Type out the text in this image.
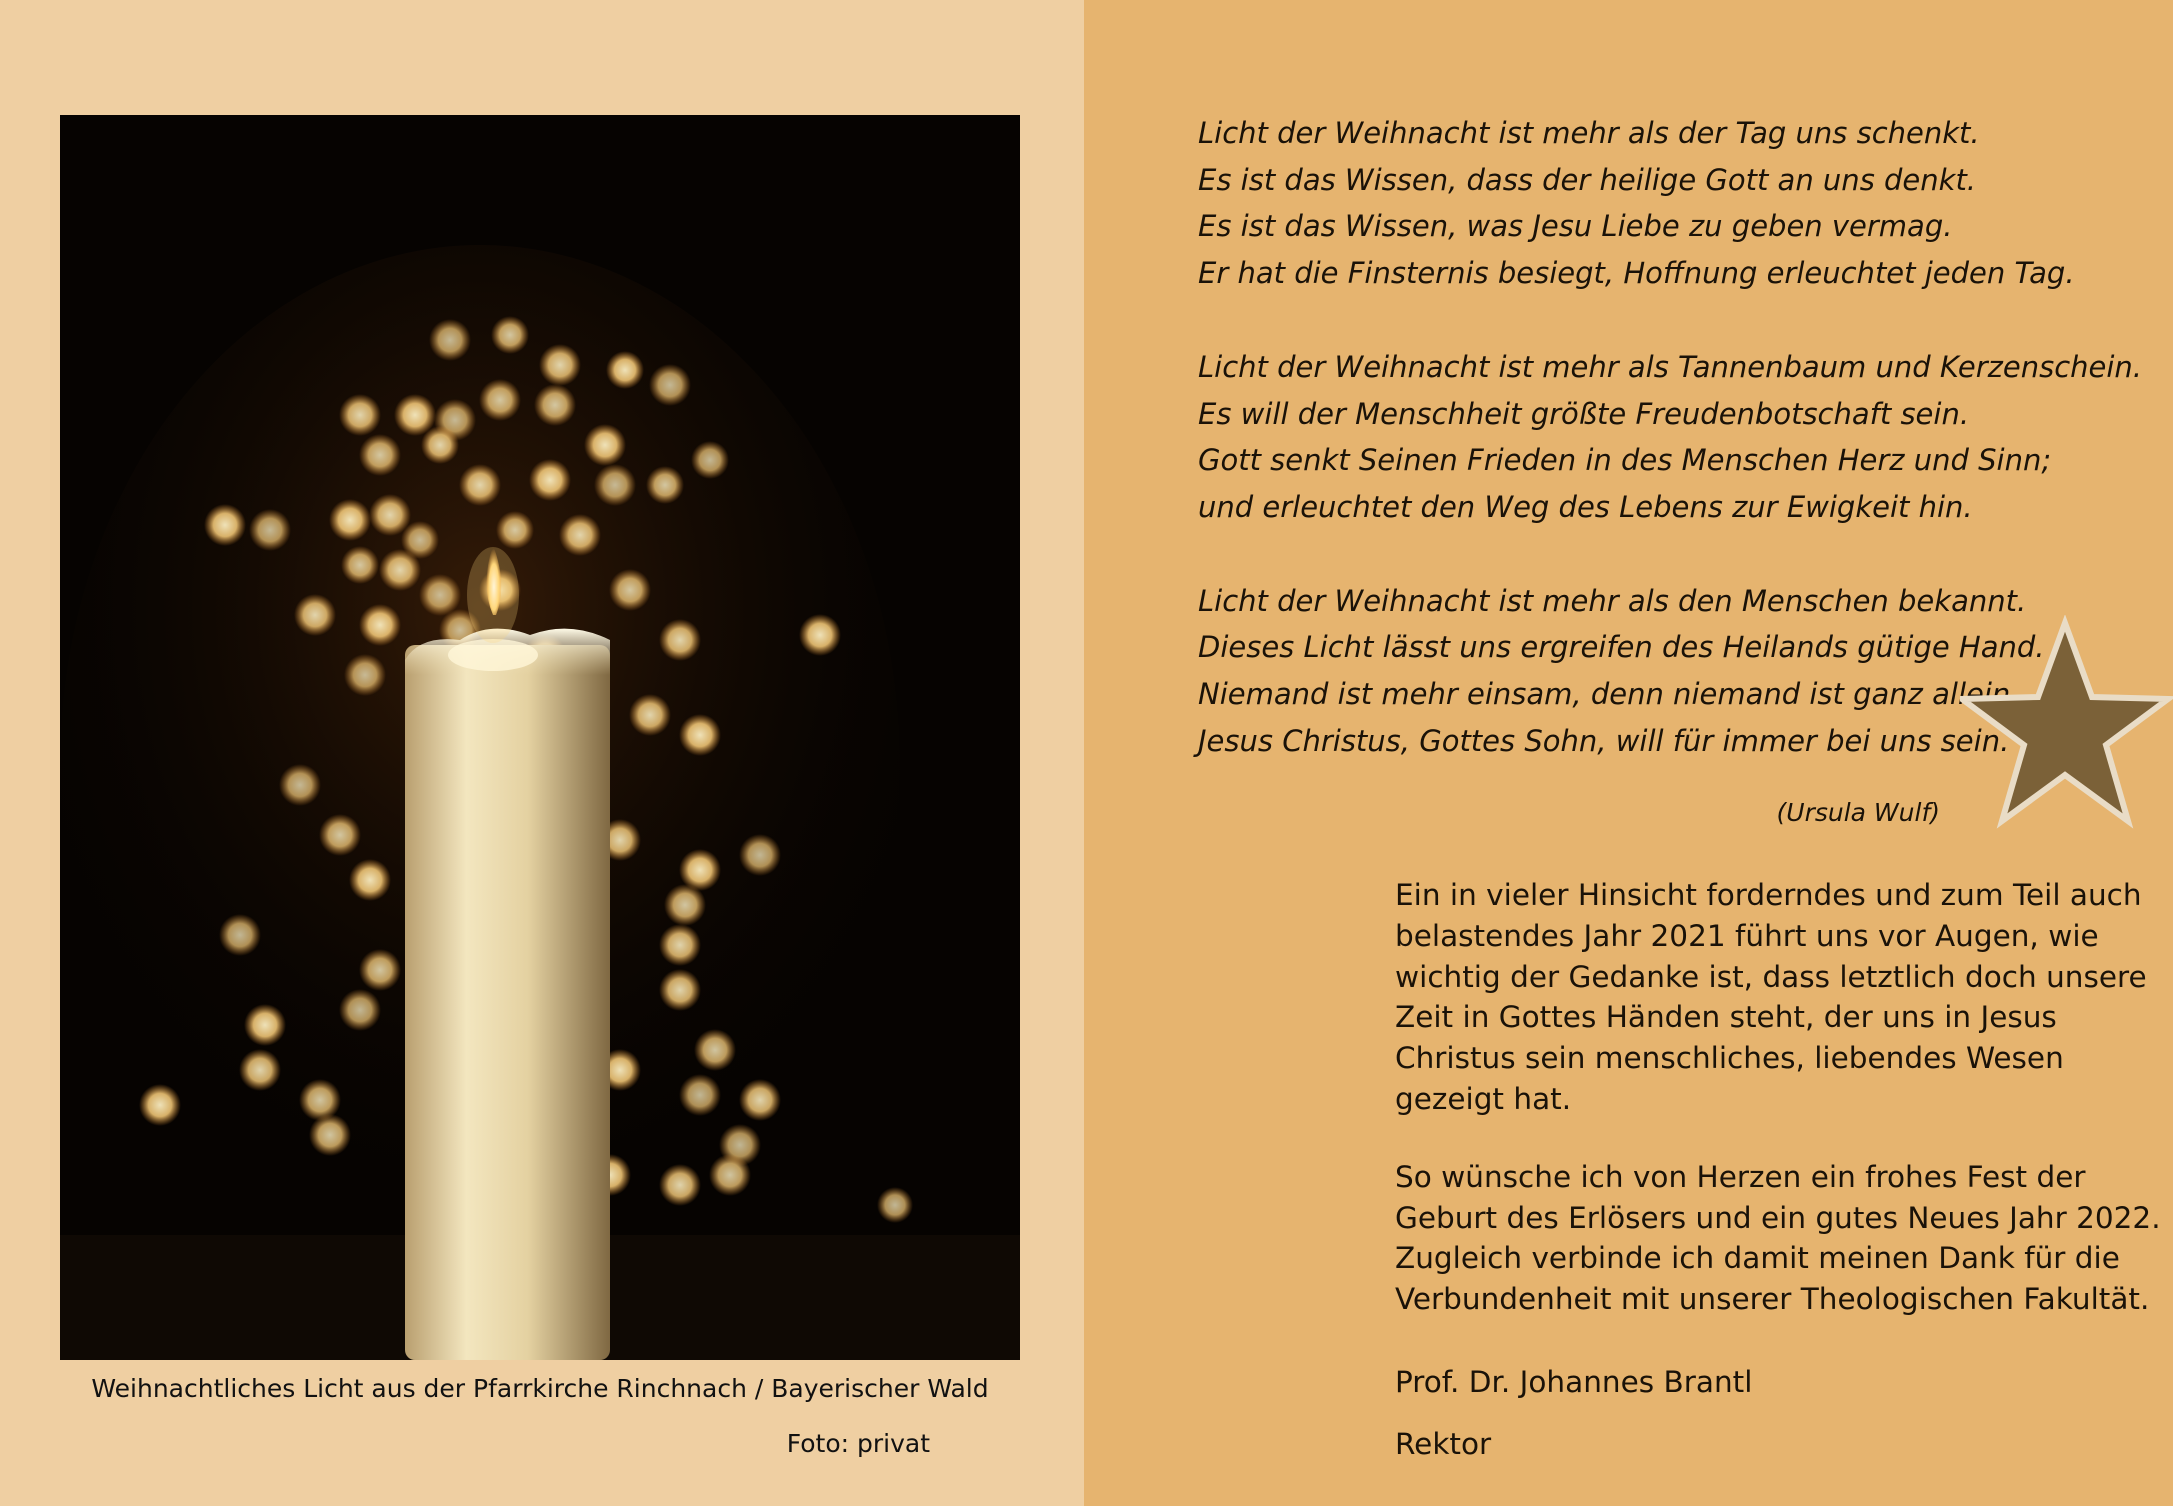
Weihnachtliches Licht aus der Pfarrkirche Rinchnach / Bayerischer Wald
Foto: privat
Licht der Weihnacht ist mehr als der Tag uns schenkt.
Es ist das Wissen, dass der heilige Gott an uns denkt.
Es ist das Wissen, was Jesu Liebe zu geben vermag.
Er hat die Finsternis besiegt, Hoffnung erleuchtet jeden Tag.
Licht der Weihnacht ist mehr als Tannenbaum und Kerzenschein.
Es will der Menschheit größte Freudenbotschaft sein.
Gott senkt Seinen Frieden in des Menschen Herz und Sinn;
und erleuchtet den Weg des Lebens zur Ewigkeit hin.
Licht der Weihnacht ist mehr als den Menschen bekannt.
Dieses Licht lässt uns ergreifen des Heilands gütige Hand.
Niemand ist mehr einsam, denn niemand ist ganz allein.
Jesus Christus, Gottes Sohn, will für immer bei uns sein.
(Ursula Wulf)
Ein in vieler Hinsicht forderndes und zum Teil auch
belastendes Jahr 2021 führt uns vor Augen, wie
wichtig der Gedanke ist, dass letztlich doch unsere
Zeit in Gottes Händen steht, der uns in Jesus
Christus sein menschliches, liebendes Wesen
gezeigt hat.
So wünsche ich von Herzen ein frohes Fest der
Geburt des Erlösers und ein gutes Neues Jahr 2022.
Zugleich verbinde ich damit meinen Dank für die
Verbundenheit mit unserer Theologischen Fakultät.
Prof. Dr. Johannes Brantl
Rektor
